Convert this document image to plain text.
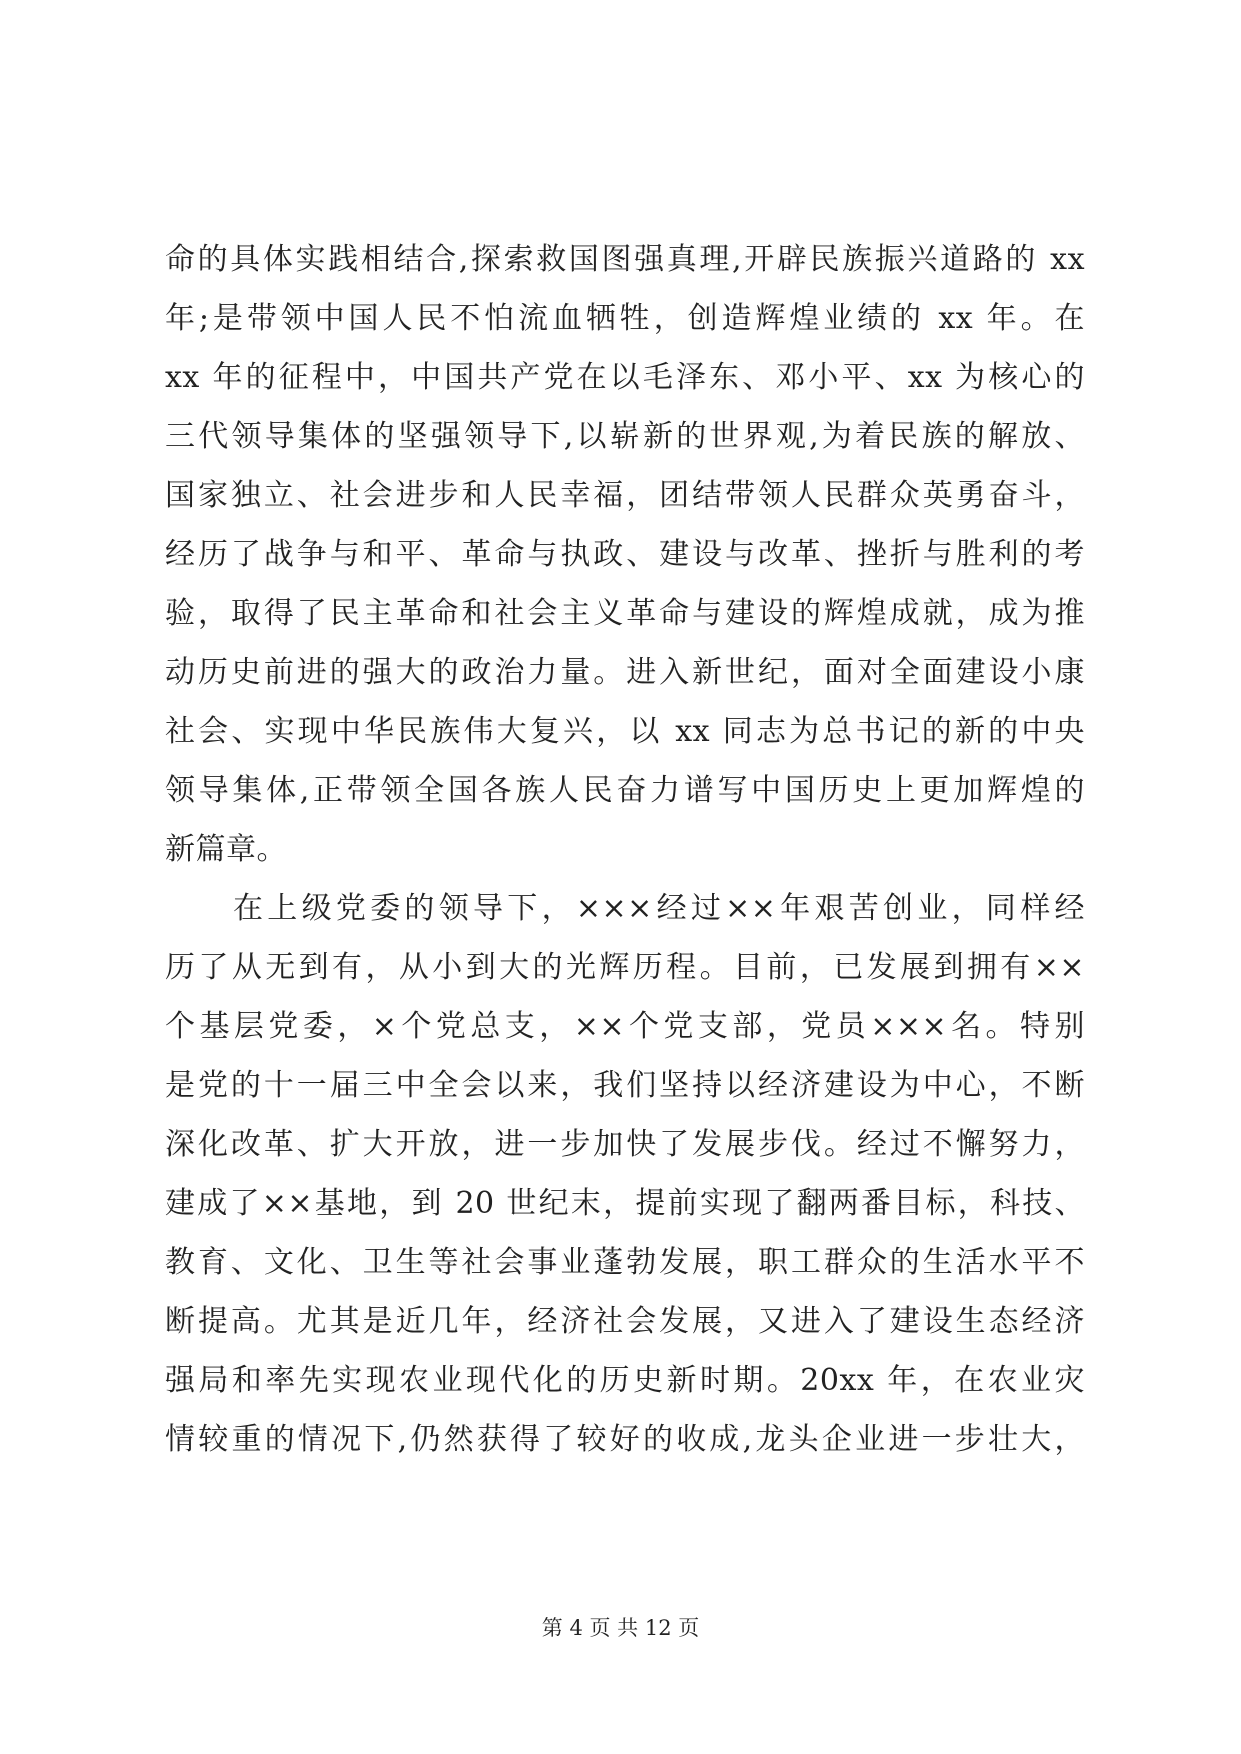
命的具体实践相结合,探索救国图强真理,开辟民族振兴道路的 xx
年;是带领中国人民不怕流血牺牲，创造辉煌业绩的 xx 年。在
xx 年的征程中，中国共产党在以毛泽东、邓小平、xx 为核心的
三代领导集体的坚强领导下,以崭新的世界观,为着民族的解放、
国家独立、社会进步和人民幸福，团结带领人民群众英勇奋斗，
经历了战争与和平、革命与执政、建设与改革、挫折与胜利的考
验，取得了民主革命和社会主义革命与建设的辉煌成就，成为推
动历史前进的强大的政治力量。进入新世纪，面对全面建设小康
社会、实现中华民族伟大复兴，以 xx 同志为总书记的新的中央
领导集体,正带领全国各族人民奋力谱写中国历史上更加辉煌的
新篇章。
在上级党委的领导下，×××经过××年艰苦创业，同样经
历了从无到有，从小到大的光辉历程。目前，已发展到拥有××
个基层党委，×个党总支，××个党支部，党员×××名。特别
是党的十一届三中全会以来，我们坚持以经济建设为中心，不断
深化改革、扩大开放，进一步加快了发展步伐。经过不懈努力，
建成了××基地，到 20 世纪末，提前实现了翻两番目标，科技、
教育、文化、卫生等社会事业蓬勃发展，职工群众的生活水平不
断提高。尤其是近几年，经济社会发展，又进入了建设生态经济
强局和率先实现农业现代化的历史新时期。20xx 年，在农业灾
情较重的情况下,仍然获得了较好的收成,龙头企业进一步壮大，
第 4 页 共 12 页
